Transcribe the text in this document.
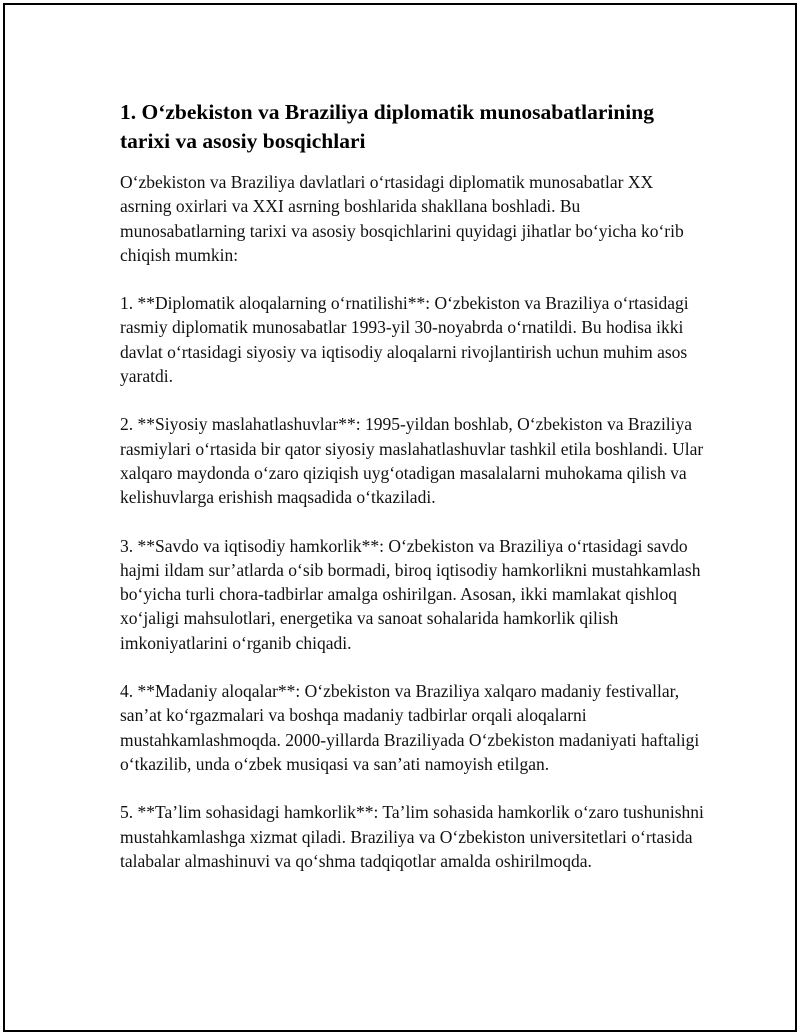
1. O‘zbekiston va Braziliya diplomatik munosabatlarining tarixi va asosiy bosqichlari

O‘zbekiston va Braziliya davlatlari o‘rtasidagi diplomatik munosabatlar XX asrning oxirlari va XXI asrning boshlarida shakllana boshladi. Bu munosabatlarning tarixi va asosiy bosqichlarini quyidagi jihatlar bo‘yicha ko‘rib chiqish mumkin:

1. **Diplomatik aloqalarning o‘rnatilishi**: O‘zbekiston va Braziliya o‘rtasidagi rasmiy diplomatik munosabatlar 1993-yil 30-noyabrda o‘rnatildi. Bu hodisa ikki davlat o‘rtasidagi siyosiy va iqtisodiy aloqalarni rivojlantirish uchun muhim asos yaratdi.

2. **Siyosiy maslahatlashuvlar**: 1995-yildan boshlab, O‘zbekiston va Braziliya rasmiylari o‘rtasida bir qator siyosiy maslahatlashuvlar tashkil etila boshlandi. Ular xalqaro maydonda o‘zaro qiziqish uyg‘otadigan masalalarni muhokama qilish va kelishuvlarga erishish maqsadida o‘tkaziladi.

3. **Savdo va iqtisodiy hamkorlik**: O‘zbekiston va Braziliya o‘rtasidagi savdo hajmi ildam sur’atlarda o‘sib bormadi, biroq iqtisodiy hamkorlikni mustahkamlash bo‘yicha turli chora-tadbirlar amalga oshirilgan. Asosan, ikki mamlakat qishloq xo‘jaligi mahsulotlari, energetika va sanoat sohalarida hamkorlik qilish imkoniyatlarini o‘rganib chiqadi.

4. **Madaniy aloqalar**: O‘zbekiston va Braziliya xalqaro madaniy festivallar, san’at ko‘rgazmalari va boshqa madaniy tadbirlar orqali aloqalarni mustahkamlashmoqda. 2000-yillarda Braziliyada O‘zbekiston madaniyati haftaligi o‘tkazilib, unda o‘zbek musiqasi va san’ati namoyish etilgan.

5. **Ta’lim sohasidagi hamkorlik**: Ta’lim sohasida hamkorlik o‘zaro tushunishni mustahkamlashga xizmat qiladi. Braziliya va O‘zbekiston universitetlari o‘rtasida talabalar almashinuvi va qo‘shma tadqiqotlar amalda oshirilmoqda.
